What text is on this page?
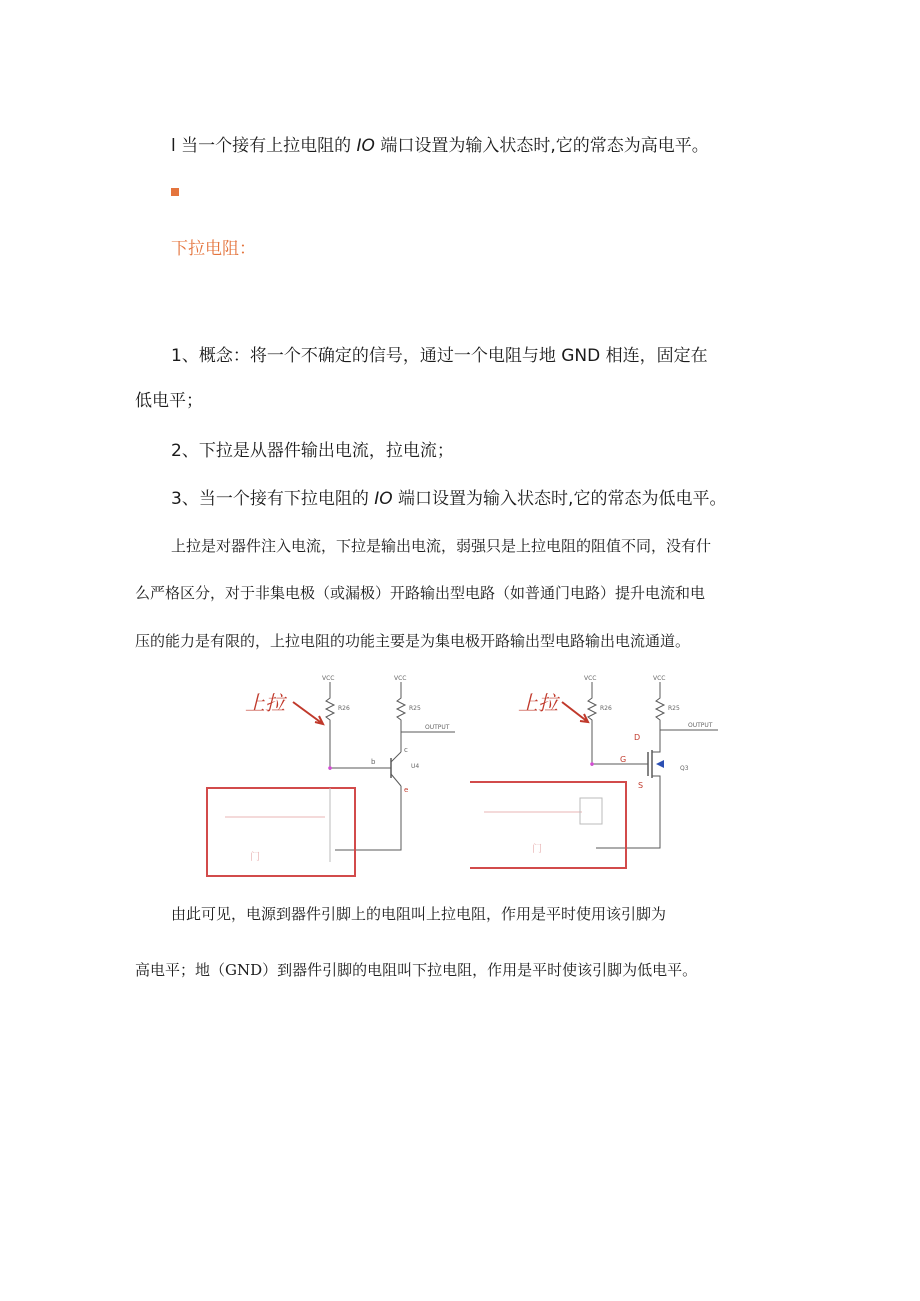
l 当一个接有上拉电阻的 IO 端口设置为输入状态时,它的常态为高电平。

下拉电阻：

1、概念：将一个不确定的信号，通过一个电阻与地 GND 相连，固定在

低电平；

2、下拉是从器件输出电流，拉电流；

3、当一个接有下拉电阻的 IO 端口设置为输入状态时,它的常态为低电平。

上拉是对器件注入电流，下拉是输出电流，弱强只是上拉电阻的阻值不同，没有什

么严格区分，对于非集电极（或漏极）开路输出型电路（如普通门电路）提升电流和电

压的能力是有限的，上拉电阻的功能主要是为集电极开路输出型电路输出电流通道。

上拉
VCC	VCC
R26	R25
OUTPUT
b
c
e
U4
门
上拉
VCC	VCC
R26	R25
OUTPUT
D
G
S
Q3
门

由此可见，电源到器件引脚上的电阻叫上拉电阻，作用是平时使用该引脚为

高电平；地（GND）到器件引脚的电阻叫下拉电阻，作用是平时使该引脚为低电平。
